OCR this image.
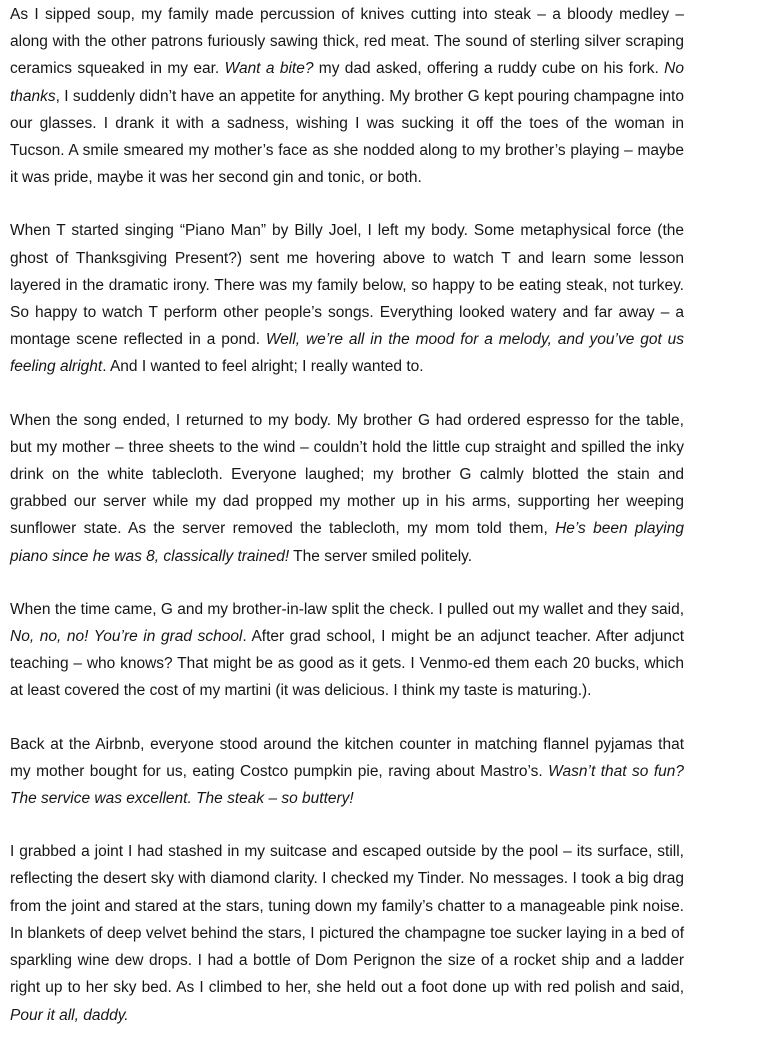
As I sipped soup, my family made percussion of knives cutting into steak – a bloody medley – along with the other patrons furiously sawing thick, red meat. The sound of sterling silver scraping ceramics squeaked in my ear. Want a bite? my dad asked, offering a ruddy cube on his fork. No thanks, I suddenly didn’t have an appetite for anything. My brother G kept pouring champagne into our glasses. I drank it with a sadness, wishing I was sucking it off the toes of the woman in Tucson. A smile smeared my mother’s face as she nodded along to my brother’s playing – maybe it was pride, maybe it was her second gin and tonic, or both.

When T started singing “Piano Man” by Billy Joel, I left my body. Some metaphysical force (the ghost of Thanksgiving Present?) sent me hovering above to watch T and learn some lesson layered in the dramatic irony. There was my family below, so happy to be eating steak, not turkey. So happy to watch T perform other people’s songs. Everything looked watery and far away – a montage scene reflected in a pond. Well, we’re all in the mood for a melody, and you’ve got us feeling alright. And I wanted to feel alright; I really wanted to.

When the song ended, I returned to my body. My brother G had ordered espresso for the table, but my mother – three sheets to the wind – couldn’t hold the little cup straight and spilled the inky drink on the white tablecloth. Everyone laughed; my brother G calmly blotted the stain and grabbed our server while my dad propped my mother up in his arms, supporting her weeping sunflower state. As the server removed the tablecloth, my mom told them, He’s been playing piano since he was 8, classically trained! The server smiled politely.

When the time came, G and my brother-in-law split the check. I pulled out my wallet and they said, No, no, no! You’re in grad school. After grad school, I might be an adjunct teacher. After adjunct teaching – who knows? That might be as good as it gets. I Venmo-ed them each 20 bucks, which at least covered the cost of my martini (it was delicious. I think my taste is maturing.).

Back at the Airbnb, everyone stood around the kitchen counter in matching flannel pyjamas that my mother bought for us, eating Costco pumpkin pie, raving about Mastro’s. Wasn’t that so fun? The service was excellent. The steak – so buttery!

I grabbed a joint I had stashed in my suitcase and escaped outside by the pool – its surface, still, reflecting the desert sky with diamond clarity. I checked my Tinder. No messages. I took a big drag from the joint and stared at the stars, tuning down my family’s chatter to a manageable pink noise. In blankets of deep velvet behind the stars, I pictured the champagne toe sucker laying in a bed of sparkling wine dew drops. I had a bottle of Dom Perignon the size of a rocket ship and a ladder right up to her sky bed. As I climbed to her, she held out a foot done up with red polish and said, Pour it all, daddy.
